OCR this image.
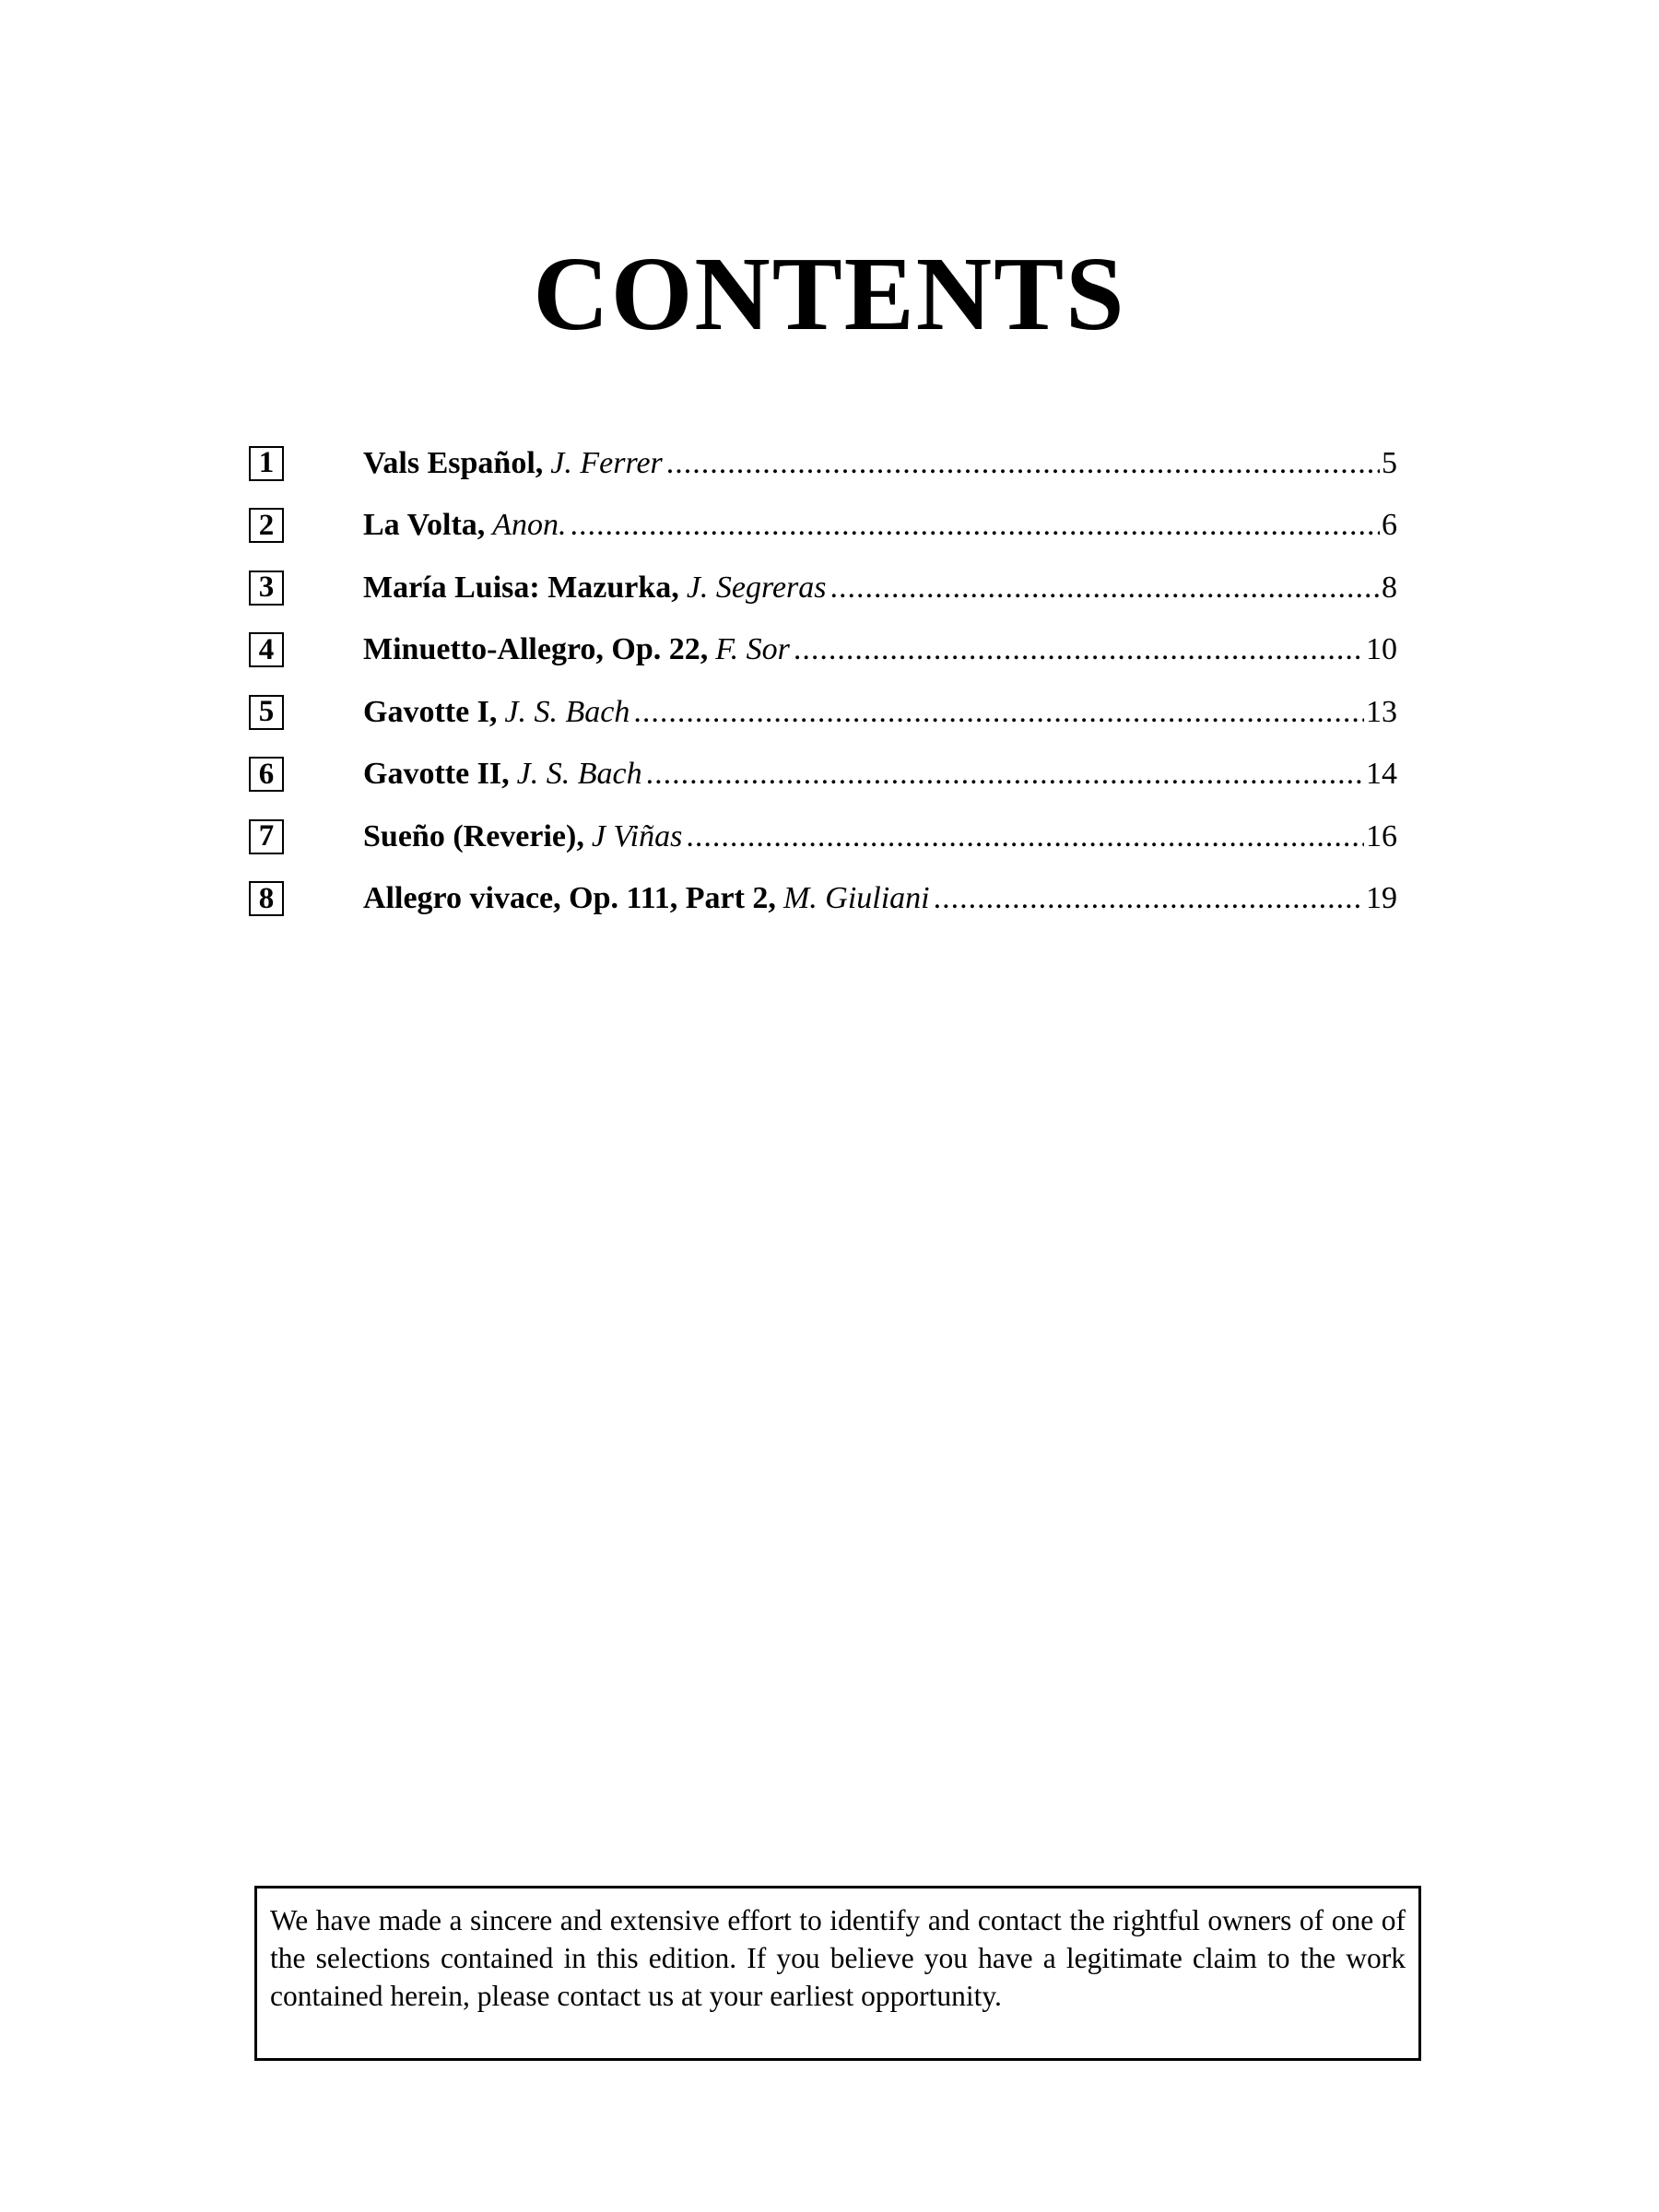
CONTENTS
1	Vals Español, J. Ferrer .....	5
2	La Volta, Anon. .....	6
3	María Luisa: Mazurka, J. Segreras .....	8
4	Minuetto-Allegro, Op. 22, F. Sor .....	10
5	Gavotte I, J. S. Bach .....	13
6	Gavotte II, J. S. Bach .....	14
7	Sueño (Reverie), J Viñas .....	16
8	Allegro vivace, Op. 111, Part 2, M. Giuliani .....	19
We have made a sincere and extensive effort to identify and contact the rightful owners of one of the selections contained in this edition. If you believe you have a legitimate claim to the work contained herein, please contact us at your earliest opportunity.
